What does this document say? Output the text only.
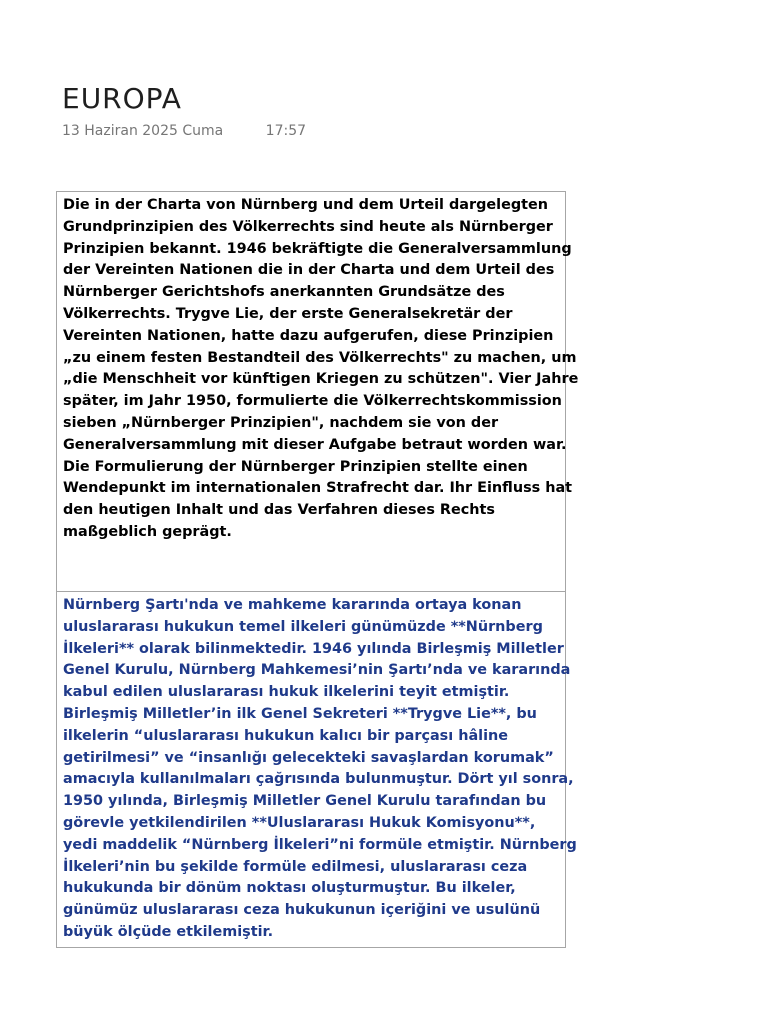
EUROPA
13 Haziran 2025 Cuma	17:57
Die in der Charta von Nürnberg und dem Urteil dargelegten
Grundprinzipien des Völkerrechts sind heute als Nürnberger
Prinzipien bekannt. 1946 bekräftigte die Generalversammlung
der Vereinten Nationen die in der Charta und dem Urteil des
Nürnberger Gerichtshofs anerkannten Grundsätze des
Völkerrechts. Trygve Lie, der erste Generalsekretär der
Vereinten Nationen, hatte dazu aufgerufen, diese Prinzipien
„zu einem festen Bestandteil des Völkerrechts" zu machen, um
„die Menschheit vor künftigen Kriegen zu schützen". Vier Jahre
später, im Jahr 1950, formulierte die Völkerrechtskommission
sieben „Nürnberger Prinzipien", nachdem sie von der
Generalversammlung mit dieser Aufgabe betraut worden war.
Die Formulierung der Nürnberger Prinzipien stellte einen
Wendepunkt im internationalen Strafrecht dar. Ihr Einfluss hat
den heutigen Inhalt und das Verfahren dieses Rechts
maßgeblich geprägt.
Nürnberg Şartı'nda ve mahkeme kararında ortaya konan
uluslararası hukukun temel ilkeleri günümüzde **Nürnberg
İlkeleri** olarak bilinmektedir. 1946 yılında Birleşmiş Milletler
Genel Kurulu, Nürnberg Mahkemesi’nin Şartı’nda ve kararında
kabul edilen uluslararası hukuk ilkelerini teyit etmiştir.
Birleşmiş Milletler’in ilk Genel Sekreteri **Trygve Lie**, bu
ilkelerin “uluslararası hukukun kalıcı bir parçası hâline
getirilmesi” ve “insanlığı gelecekteki savaşlardan korumak”
amacıyla kullanılmaları çağrısında bulunmuştur. Dört yıl sonra,
1950 yılında, Birleşmiş Milletler Genel Kurulu tarafından bu
görevle yetkilendirilen **Uluslararası Hukuk Komisyonu**,
yedi maddelik “Nürnberg İlkeleri”ni formüle etmiştir. Nürnberg
İlkeleri’nin bu şekilde formüle edilmesi, uluslararası ceza
hukukunda bir dönüm noktası oluşturmuştur. Bu ilkeler,
günümüz uluslararası ceza hukukunun içeriğini ve usulünü
büyük ölçüde etkilemiştir.
